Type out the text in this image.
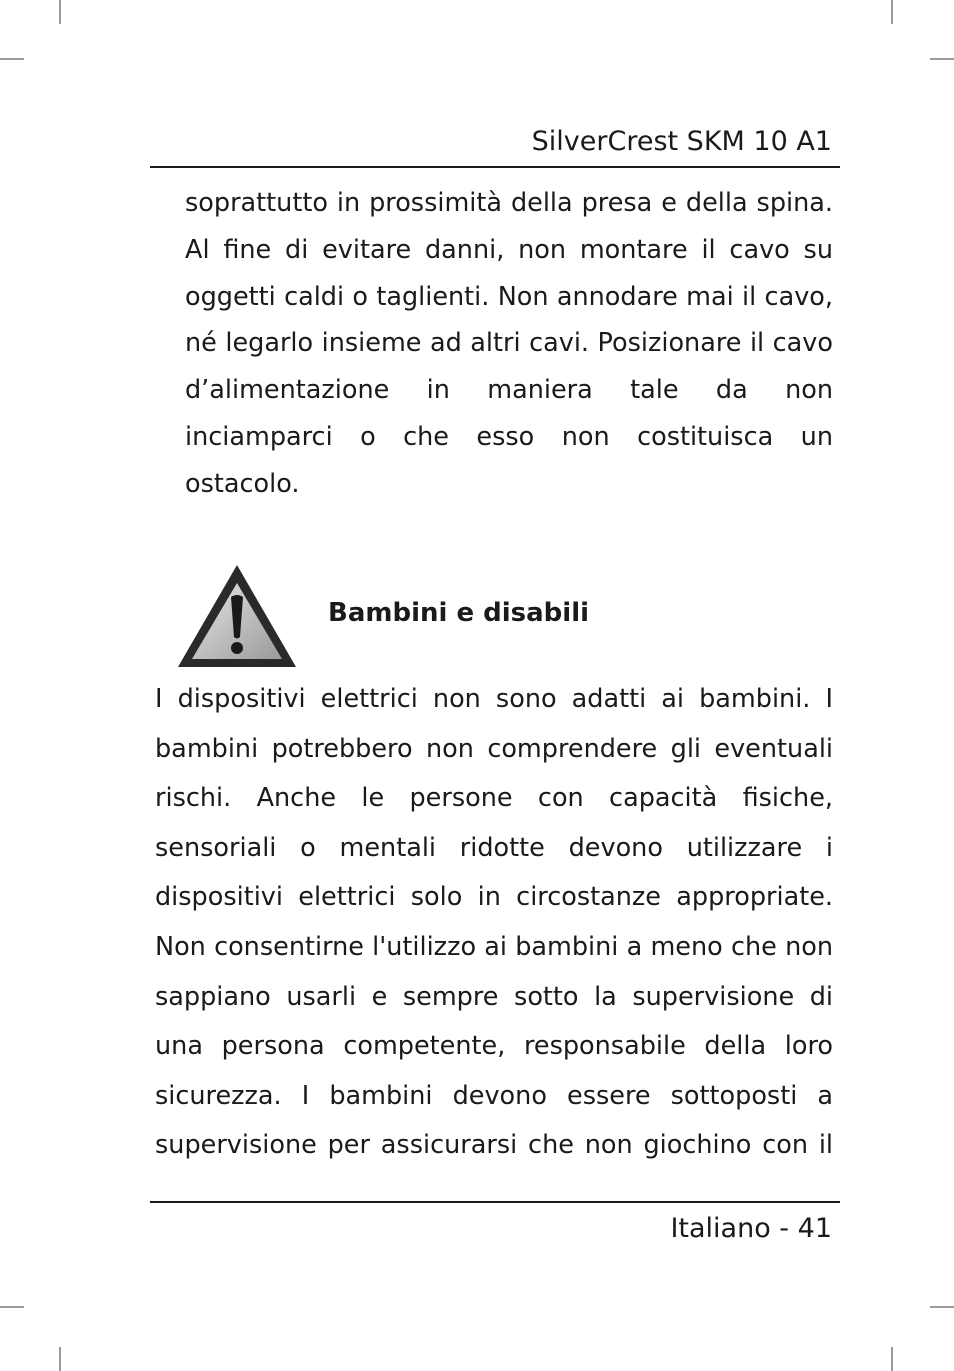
SilverCrest SKM 10 A1

soprattutto in prossimità della presa e della spina. Al fine di evitare danni, non montare il cavo su oggetti caldi o taglienti. Non annodare mai il cavo, né legarlo insieme ad altri cavi. Posizionare il cavo d’alimentazione in maniera tale da non inciamparci o che esso non costituisca un ostacolo.

Bambini e disabili

I dispositivi elettrici non sono adatti ai bambini. I bambini potrebbero non comprendere gli eventuali rischi. Anche le persone con capacità fisiche, sensoriali o mentali ridotte devono utilizzare i dispositivi elettrici solo in circostanze appropriate. Non consentirne l'utilizzo ai bambini a meno che non sappiano usarli e sempre sotto la supervisione di una persona competente, responsabile della loro sicurezza. I bambini devono essere sottoposti a supervisione per assicurarsi che non giochino con il

Italiano - 41
